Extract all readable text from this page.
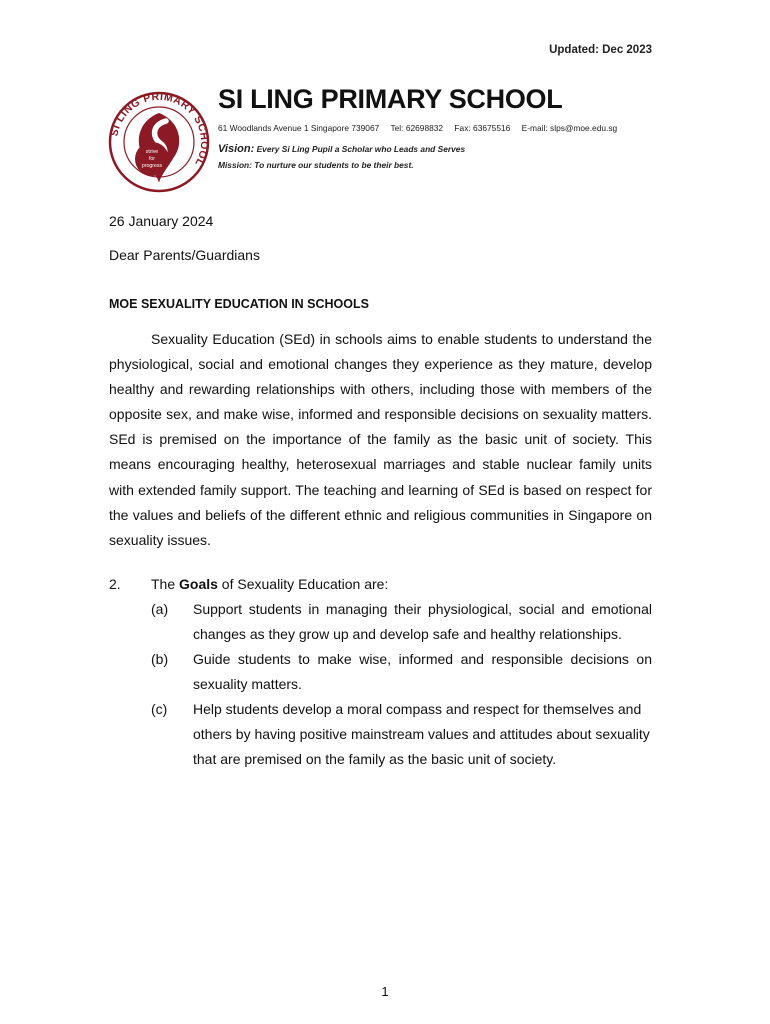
Updated: Dec 2023
SI LING PRIMARY SCHOOL
strive
for
progress
SI LING PRIMARY SCHOOL
61 Woodlands Avenue 1 Singapore 739067 Tel: 62698832 Fax: 63675516 E-mail: slps@moe.edu.sg
Vision: Every Si Ling Pupil a Scholar who Leads and Serves
Mission: To nurture our students to be their best.
26 January 2024
Dear Parents/Guardians
MOE SEXUALITY EDUCATION IN SCHOOLS
Sexuality Education (SEd) in schools aims to enable students to understand the physiological, social and emotional changes they experience as they mature, develop healthy and rewarding relationships with others, including those with members of the opposite sex, and make wise, informed and responsible decisions on sexuality matters. SEd is premised on the importance of the family as the basic unit of society. This means encouraging healthy, heterosexual marriages and stable nuclear family units with extended family support. The teaching and learning of SEd is based on respect for the values and beliefs of the different ethnic and religious communities in Singapore on sexuality issues.
2. The Goals of Sexuality Education are:
(a) Support students in managing their physiological, social and emotional changes as they grow up and develop safe and healthy relationships.
(b) Guide students to make wise, informed and responsible decisions on sexuality matters.
(c) Help students develop a moral compass and respect for themselves and others by having positive mainstream values and attitudes about sexuality that are premised on the family as the basic unit of society.
1
